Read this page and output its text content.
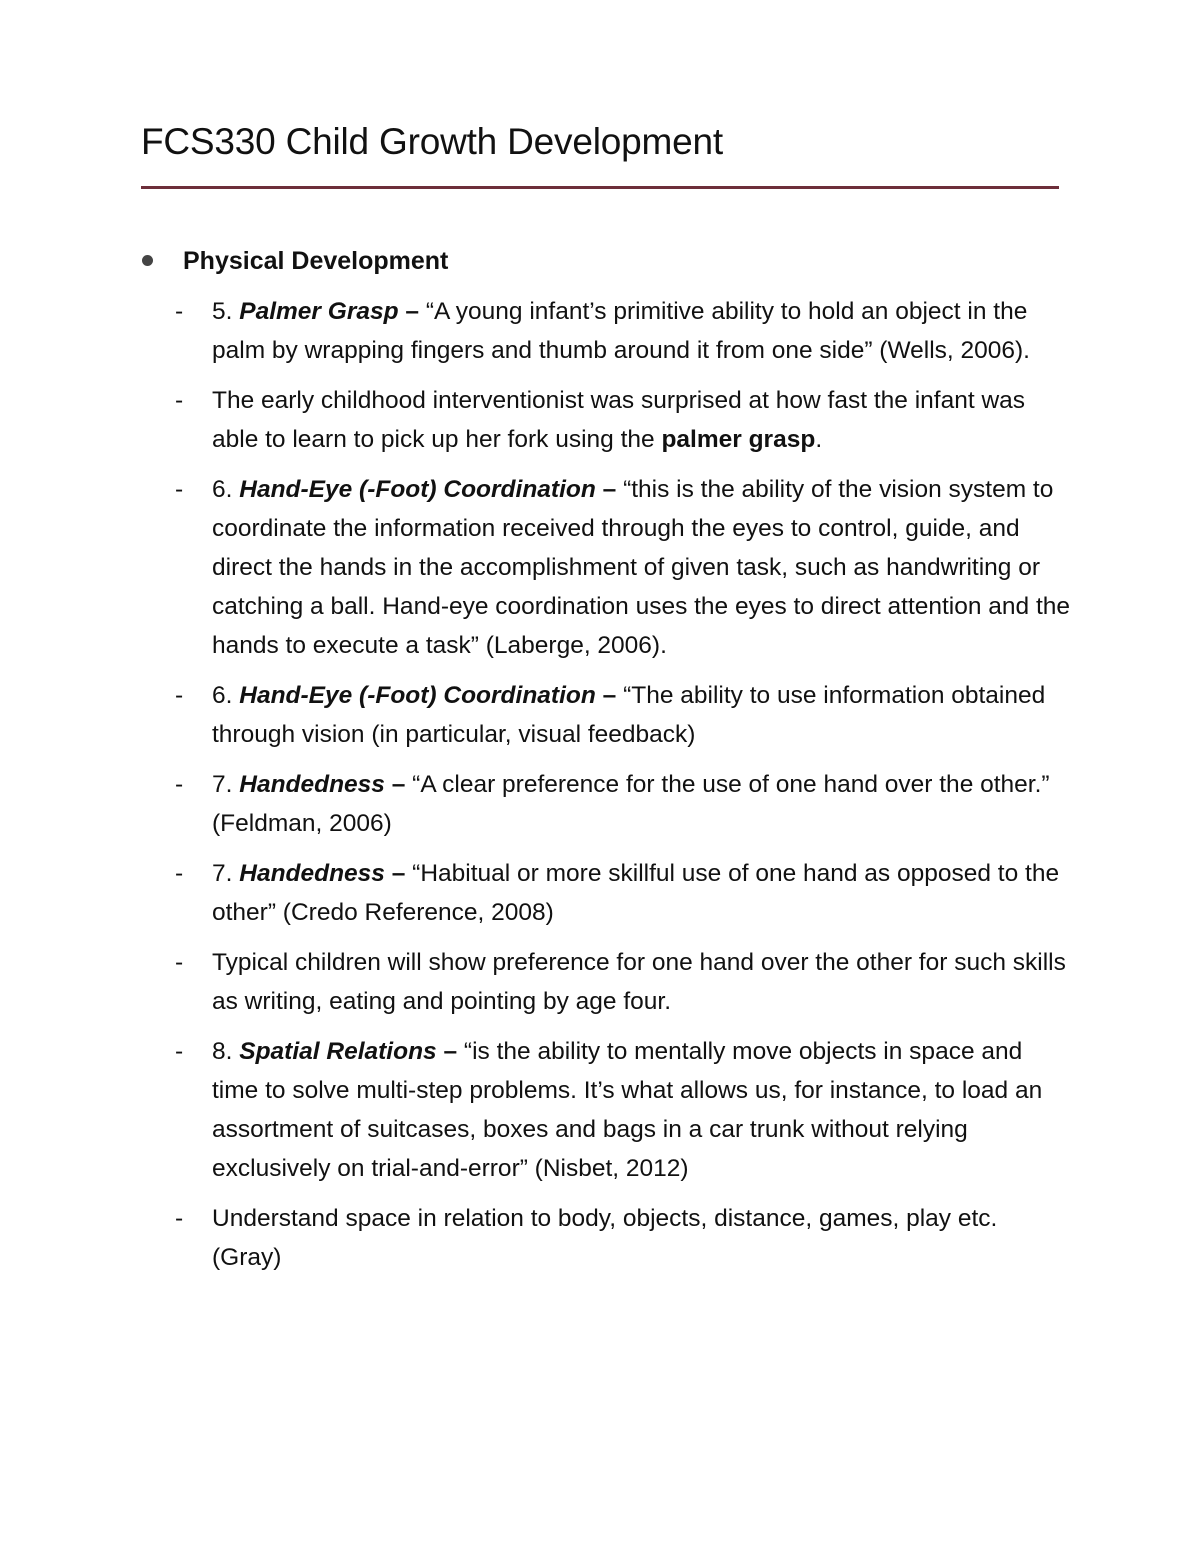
FCS330 Child Growth Development
Physical Development
- 5. Palmer Grasp – “A young infant’s primitive ability to hold an object in the palm by wrapping fingers and thumb around it from one side” (Wells, 2006).
- The early childhood interventionist was surprised at how fast the infant was able to learn to pick up her fork using the palmer grasp.
- 6. Hand-Eye (-Foot) Coordination – “this is the ability of the vision system to coordinate the information received through the eyes to control, guide, and direct the hands in the accomplishment of given task, such as handwriting or catching a ball. Hand-eye coordination uses the eyes to direct attention and the hands to execute a task” (Laberge, 2006).
- 6. Hand-Eye (-Foot) Coordination – “The ability to use information obtained through vision (in particular, visual feedback)
- 7. Handedness – “A clear preference for the use of one hand over the other.” (Feldman, 2006)
- 7. Handedness – “Habitual or more skillful use of one hand as opposed to the other” (Credo Reference, 2008)
- Typical children will show preference for one hand over the other for such skills as writing, eating and pointing by age four.
- 8. Spatial Relations – “is the ability to mentally move objects in space and time to solve multi-step problems. It’s what allows us, for instance, to load an assortment of suitcases, boxes and bags in a car trunk without relying exclusively on trial-and-error” (Nisbet, 2012)
- Understand space in relation to body, objects, distance, games, play etc. (Gray)
